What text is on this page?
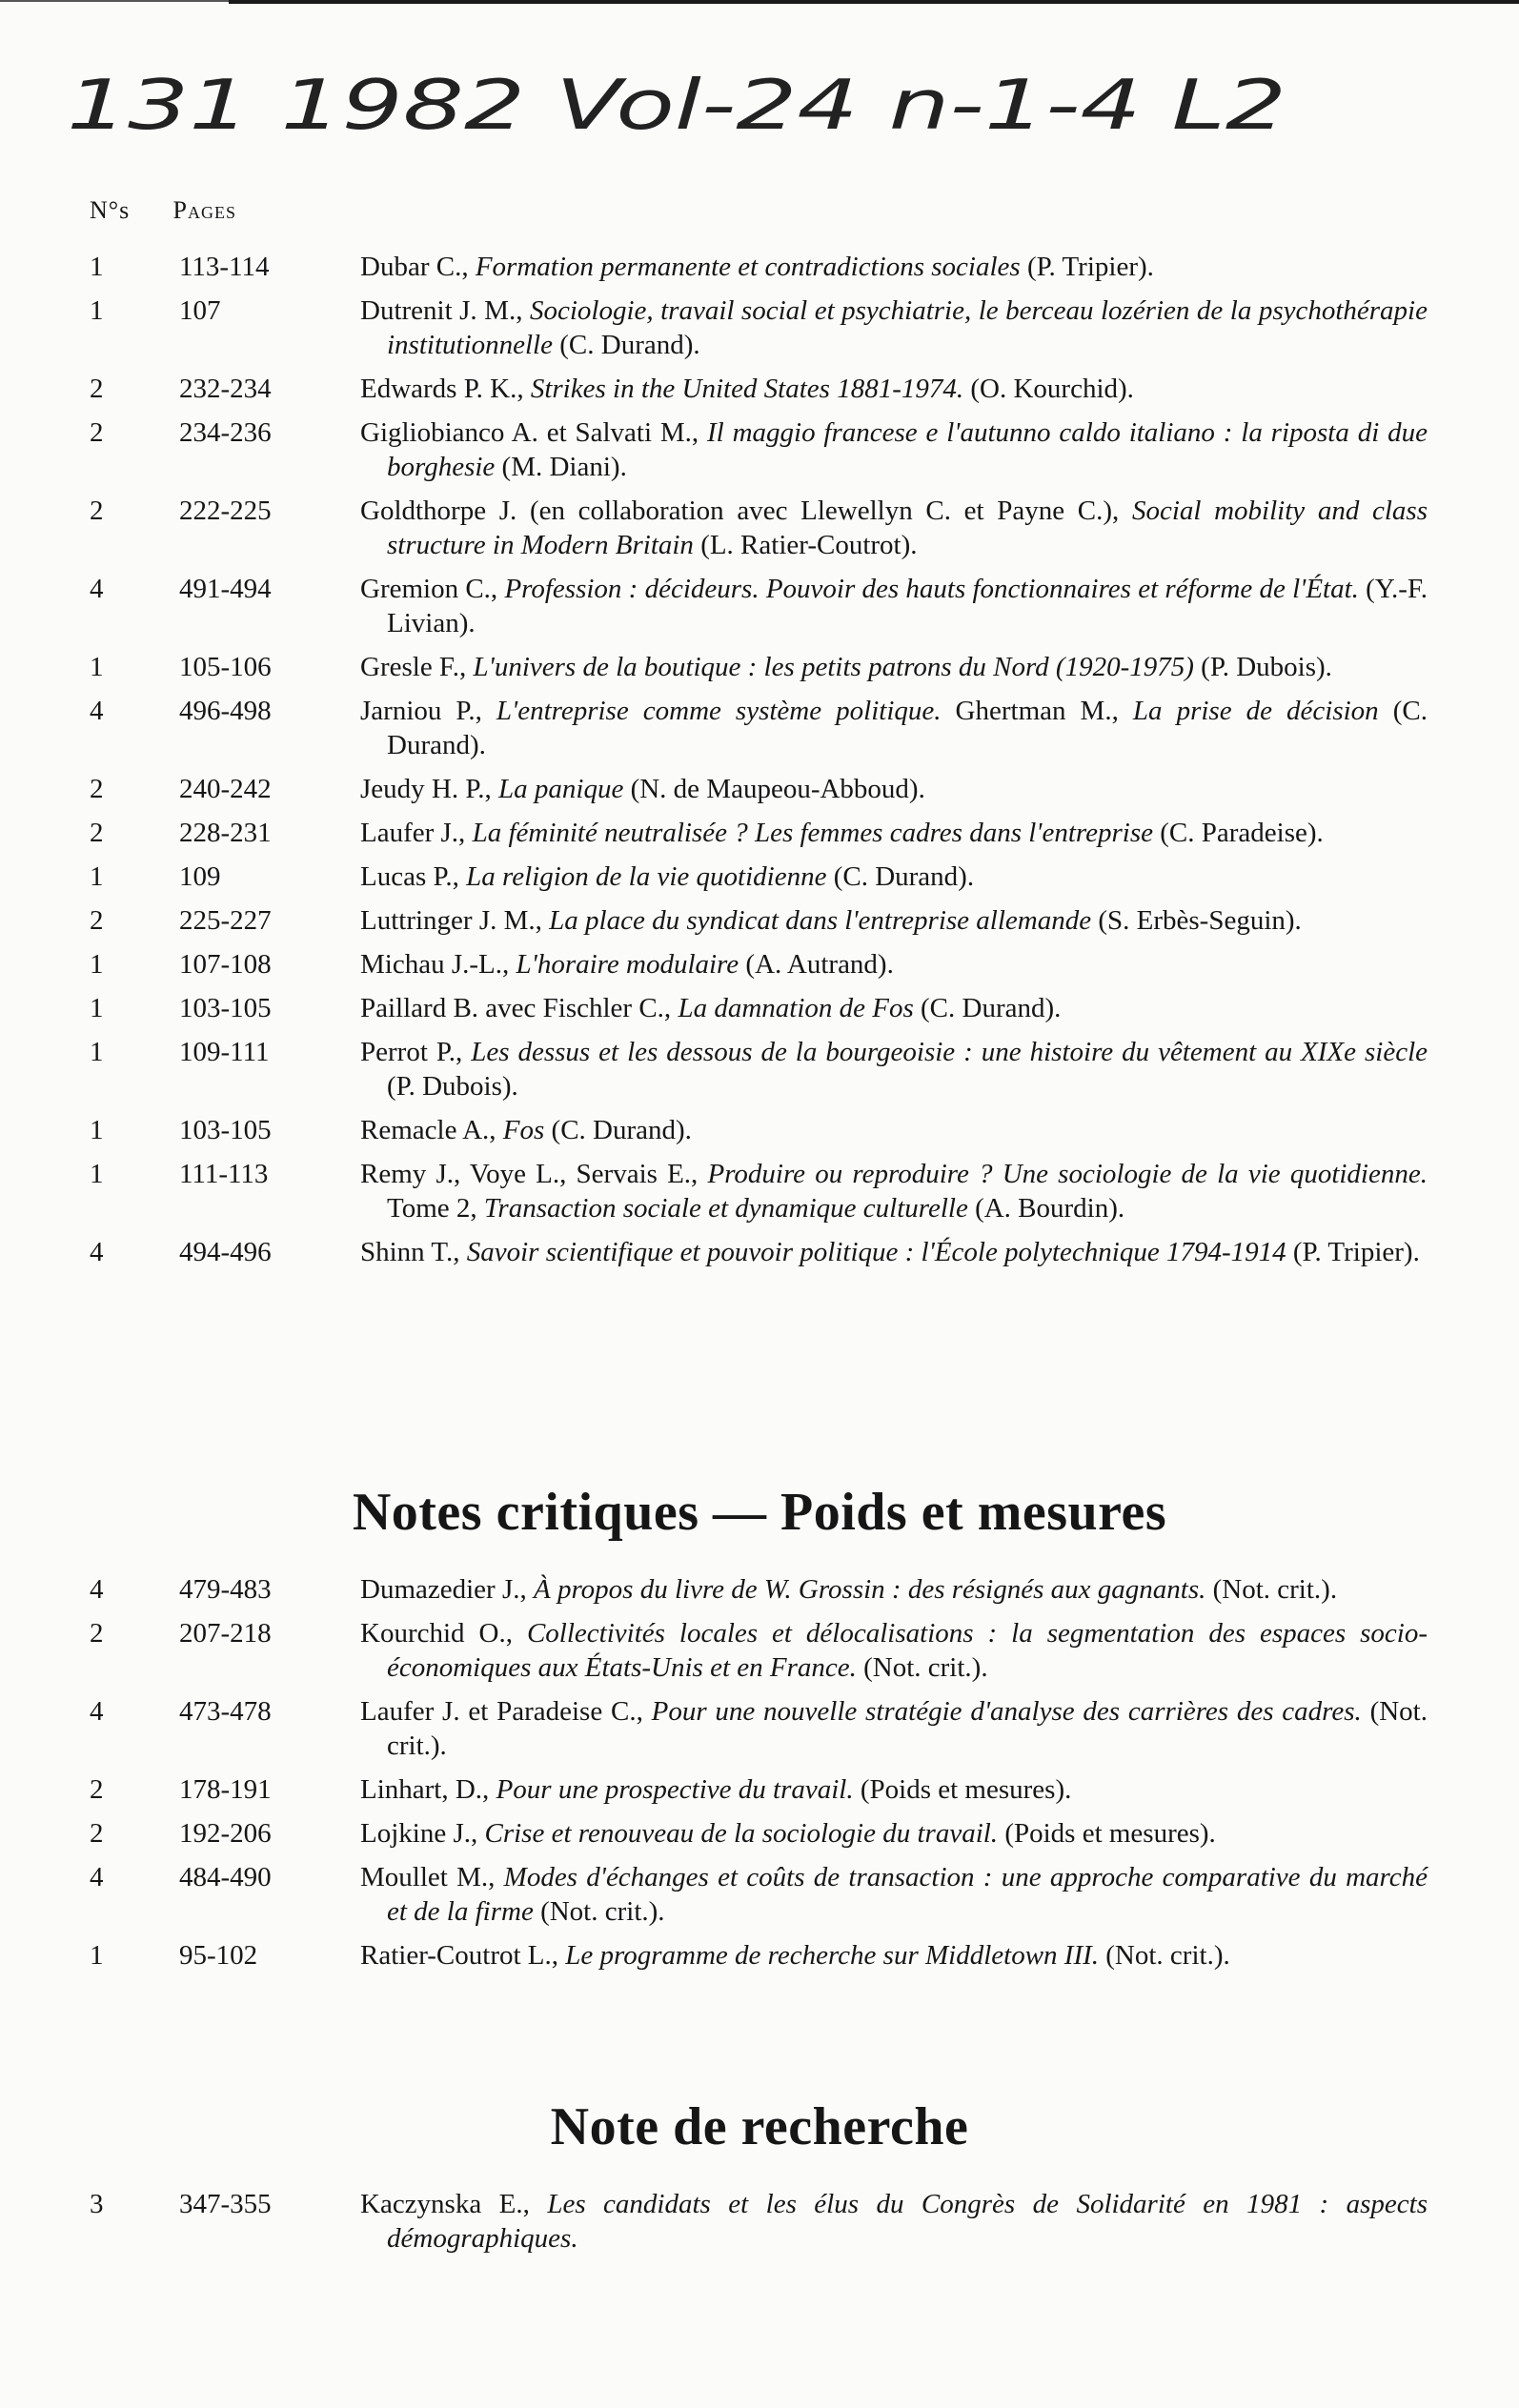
131 1982 Vol-24 n-1-4 L2
N°s Pages
1	113-114	Dubar C., Formation permanente et contradictions sociales (P. Tripier).
1	107	Dutrenit J. M., Sociologie, travail social et psychiatrie, le berceau lozérien de la psychothérapie institutionnelle (C. Durand).
2	232-234	Edwards P. K., Strikes in the United States 1881-1974. (O. Kourchid).
2	234-236	Gigliobianco A. et Salvati M., Il maggio francese e l'autunno caldo italiano : la riposta di due borghesie (M. Diani).
2	222-225	Goldthorpe J. (en collaboration avec Llewellyn C. et Payne C.), Social mobility and class structure in Modern Britain (L. Ratier-Coutrot).
4	491-494	Gremion C., Profession : décideurs. Pouvoir des hauts fonctionnaires et réforme de l'État. (Y.-F. Livian).
1	105-106	Gresle F., L'univers de la boutique : les petits patrons du Nord (1920-1975) (P. Dubois).
4	496-498	Jarniou P., L'entreprise comme système politique. Ghertman M., La prise de décision (C. Durand).
2	240-242	Jeudy H. P., La panique (N. de Maupeou-Abboud).
2	228-231	Laufer J., La féminité neutralisée ? Les femmes cadres dans l'entreprise (C. Paradeise).
1	109	Lucas P., La religion de la vie quotidienne (C. Durand).
2	225-227	Luttringer J. M., La place du syndicat dans l'entreprise allemande (S. Erbès-Seguin).
1	107-108	Michau J.-L., L'horaire modulaire (A. Autrand).
1	103-105	Paillard B. avec Fischler C., La damnation de Fos (C. Durand).
1	109-111	Perrot P., Les dessus et les dessous de la bourgeoisie : une histoire du vêtement au XIXe siècle (P. Dubois).
1	103-105	Remacle A., Fos (C. Durand).
1	111-113	Remy J., Voye L., Servais E., Produire ou reproduire ? Une sociologie de la vie quotidienne. Tome 2, Transaction sociale et dynamique culturelle (A. Bourdin).
4	494-496	Shinn T., Savoir scientifique et pouvoir politique : l'École polytechnique 1794-1914 (P. Tripier).
Notes critiques — Poids et mesures
4	479-483	Dumazedier J., À propos du livre de W. Grossin : des résignés aux gagnants. (Not. crit.).
2	207-218	Kourchid O., Collectivités locales et délocalisations : la segmentation des espaces socio-économiques aux États-Unis et en France. (Not. crit.).
4	473-478	Laufer J. et Paradeise C., Pour une nouvelle stratégie d'analyse des carrières des cadres. (Not. crit.).
2	178-191	Linhart, D., Pour une prospective du travail. (Poids et mesures).
2	192-206	Lojkine J., Crise et renouveau de la sociologie du travail. (Poids et mesures).
4	484-490	Moullet M., Modes d'échanges et coûts de transaction : une approche comparative du marché et de la firme (Not. crit.).
1	95-102	Ratier-Coutrot L., Le programme de recherche sur Middletown III. (Not. crit.).
Note de recherche
3	347-355	Kaczynska E., Les candidats et les élus du Congrès de Solidarité en 1981 : aspects démographiques.
